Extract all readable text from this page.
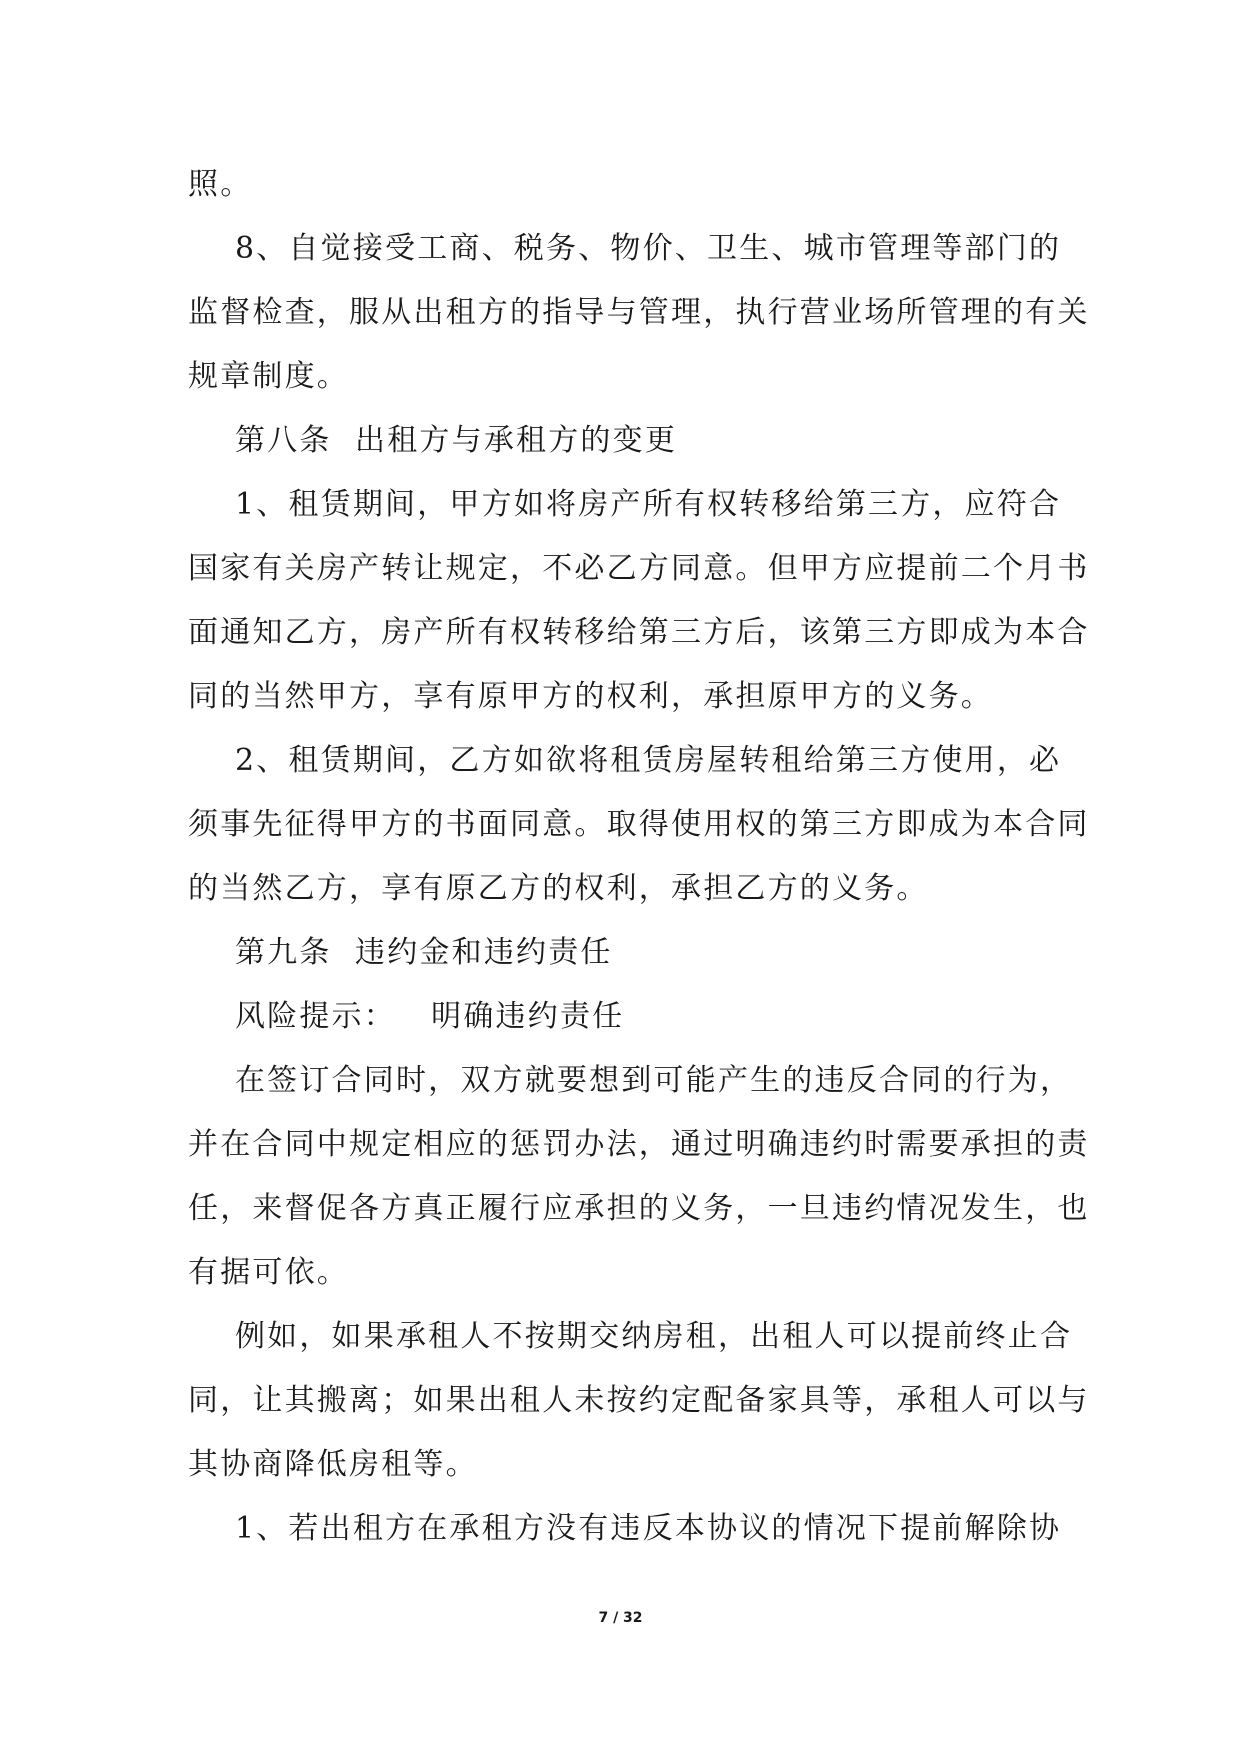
照。
8、自觉接受工商、税务、物价、卫生、城市管理等部门的
监督检查，服从出租方的指导与管理，执行营业场所管理的有关
规章制度。
第八条  出租方与承租方的变更
1、租赁期间，甲方如将房产所有权转移给第三方，应符合
国家有关房产转让规定，不必乙方同意。但甲方应提前二个月书
面通知乙方，房产所有权转移给第三方后，该第三方即成为本合
同的当然甲方，享有原甲方的权利，承担原甲方的义务。
2、租赁期间，乙方如欲将租赁房屋转租给第三方使用，必
须事先征得甲方的书面同意。取得使用权的第三方即成为本合同
的当然乙方，享有原乙方的权利，承担乙方的义务。
第九条  违约金和违约责任
风险提示：   明确违约责任
在签订合同时，双方就要想到可能产生的违反合同的行为，
并在合同中规定相应的惩罚办法，通过明确违约时需要承担的责
任，来督促各方真正履行应承担的义务，一旦违约情况发生，也
有据可依。
例如，如果承租人不按期交纳房租，出租人可以提前终止合
同，让其搬离；如果出租人未按约定配备家具等，承租人可以与
其协商降低房租等。
1、若出租方在承租方没有违反本协议的情况下提前解除协
7 / 32
